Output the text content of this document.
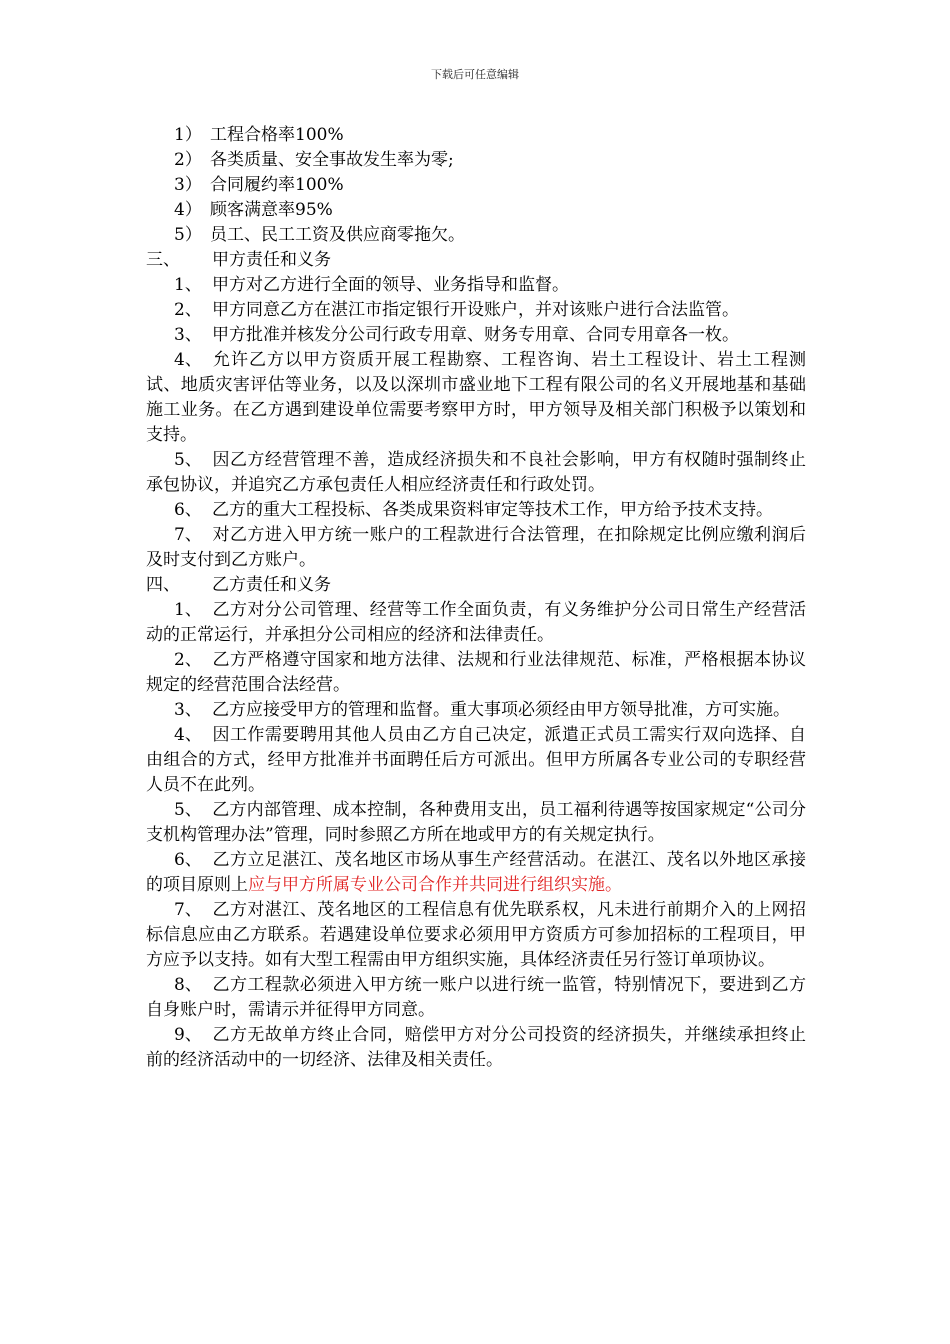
下载后可任意编辑

1） 工程合格率100%

2） 各类质量、安全事故发生率为零;

3） 合同履约率100%

4） 顾客满意率95%

5） 员工、民工工资及供应商零拖欠。

三、 甲方责任和义务

1、 甲方对乙方进行全面的领导、业务指导和监督。

2、 甲方同意乙方在湛江市指定银行开设账户，并对该账户进行合法监管。

3、 甲方批准并核发分公司行政专用章、财务专用章、合同专用章各一枚。

4、 允许乙方以甲方资质开展工程勘察、工程咨询、岩土工程设计、岩土工程测试、地质灾害评估等业务，以及以深圳市盛业地下工程有限公司的名义开展地基和基础施工业务。在乙方遇到建设单位需要考察甲方时，甲方领导及相关部门积极予以策划和支持。

5、 因乙方经营管理不善，造成经济损失和不良社会影响，甲方有权随时强制终止承包协议，并追究乙方承包责任人相应经济责任和行政处罚。

6、 乙方的重大工程投标、各类成果资料审定等技术工作，甲方给予技术支持。

7、 对乙方进入甲方统一账户的工程款进行合法管理，在扣除规定比例应缴利润后及时支付到乙方账户。

四、 乙方责任和义务

1、 乙方对分公司管理、经营等工作全面负责，有义务维护分公司日常生产经营活动的正常运行，并承担分公司相应的经济和法律责任。

2、 乙方严格遵守国家和地方法律、法规和行业法律规范、标准，严格根据本协议规定的经营范围合法经营。

3、 乙方应接受甲方的管理和监督。重大事项必须经由甲方领导批准，方可实施。

4、 因工作需要聘用其他人员由乙方自己决定，派遣正式员工需实行双向选择、自由组合的方式，经甲方批准并书面聘任后方可派出。但甲方所属各专业公司的专职经营人员不在此列。

5、 乙方内部管理、成本控制，各种费用支出，员工福利待遇等按国家规定“公司分支机构管理办法”管理，同时参照乙方所在地或甲方的有关规定执行。

6、 乙方立足湛江、茂名地区市场从事生产经营活动。在湛江、茂名以外地区承接的项目原则上应与甲方所属专业公司合作并共同进行组织实施。

7、 乙方对湛江、茂名地区的工程信息有优先联系权，凡未进行前期介入的上网招标信息应由乙方联系。若遇建设单位要求必须用甲方资质方可参加招标的工程项目，甲方应予以支持。如有大型工程需由甲方组织实施，具体经济责任另行签订单项协议。

8、 乙方工程款必须进入甲方统一账户以进行统一监管，特别情况下，要进到乙方自身账户时，需请示并征得甲方同意。

9、 乙方无故单方终止合同，赔偿甲方对分公司投资的经济损失，并继续承担终止前的经济活动中的一切经济、法律及相关责任。
